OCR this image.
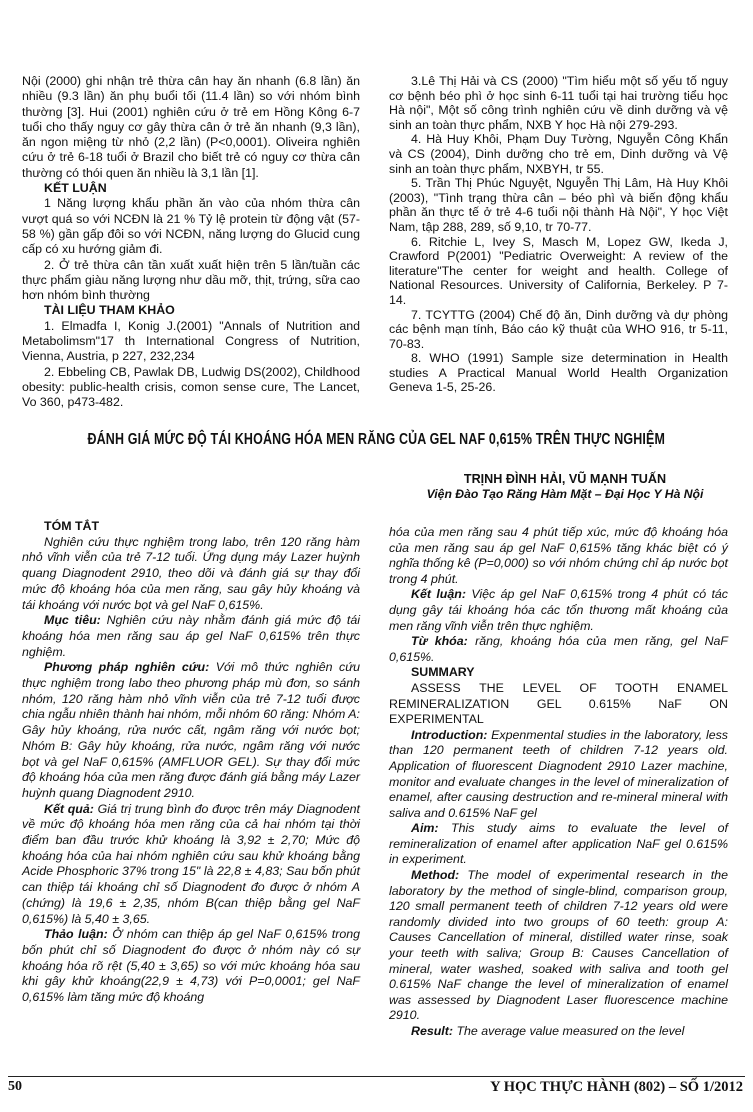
Nội (2000) ghi nhận trẻ thừa cân hay ăn nhanh (6.8 lần) ăn nhiều (9.3 lần) ăn phụ buổi tối (11.4 lần) so với nhóm bình thường [3]. Hui (2001) nghiên cứu ở trẻ em Hồng Kông 6-7 tuổi cho thấy nguy cơ gây thừa cân ở trẻ ăn nhanh (9,3 lần), ăn ngon miệng từ nhỏ (2,2 lần) (P<0,0001). Oliveira nghiên cứu ở trẻ 6-18 tuổi ở Brazil cho biết trẻ có nguy cơ thừa cân thường có thói quen ăn nhiều là 3,1 lần [1].

KẾT LUẬN

1 Năng lượng khẩu phần ăn vào của nhóm thừa cân vượt quá so với NCĐN là 21 % Tỷ lệ protein từ động vật (57-58 %) gần gấp đôi so với NCĐN, năng lượng do Glucid cung cấp có xu hướng giảm đi.

2. Ở trẻ thừa cân tần xuất xuất hiện trên 5 lần/tuần các thực phẩm giàu năng lượng như dầu mỡ, thịt, trứng, sữa cao hơn nhóm bình thường

TÀI LIỆU THAM KHẢO

1. Elmadfa I, Konig J.(2001) "Annals of Nutrition and Metabolimsm"17 th International Congress of Nutrition, Vienna, Austria, p 227, 232,234

2. Ebbeling CB, Pawlak DB, Ludwig DS(2002), Childhood obesity: public-health crisis, comon sense cure, The Lancet, Vo 360, p473-482.

3.Lê Thị Hải và CS (2000) "Tìm hiểu một số yếu tố nguy cơ bệnh béo phì ở học sinh 6-11 tuổi tại hai trường tiểu học Hà nội", Một số công trình nghiên cứu về dinh dưỡng và vệ sinh an toàn thực phẩm, NXB Y học Hà nội 279-293.

4. Hà Huy Khôi, Phạm Duy Tường, Nguyễn Công Khẩn và CS (2004), Dinh dưỡng cho trẻ em, Dinh dưỡng và Vệ sinh an toàn thực phẩm, NXBYH, tr 55.

5. Trần Thị Phúc Nguyệt, Nguyễn Thị Lâm, Hà Huy Khôi (2003), "Tình trạng thừa cân – béo phì và biến động khẩu phần ăn thực tế ở trẻ 4-6 tuổi nội thành Hà Nội", Y học Việt Nam, tập 288, 289, số 9,10, tr 70-77.

6. Ritchie L, Ivey S, Masch M, Lopez GW, Ikeda J, Crawford P(2001) "Pediatric Overweight: A review of the literature"The center for weight and health. College of National Resources. University of California, Berkeley. P 7-14.

7. TCYTTG (2004) Chế độ ăn, Dinh dưỡng và dự phòng các bệnh mạn tính, Báo cáo kỹ thuật của WHO 916, tr 5-11, 70-83.

8. WHO (1991) Sample size determination in Health studies A Practical Manual World Health Organization Geneva 1-5, 25-26.

ĐÁNH GIÁ MỨC ĐỘ TÁI KHOÁNG HÓA MEN RĂNG CỦA GEL NAF 0,615% TRÊN THỰC NGHIỆM
TRỊNH ĐÌNH HẢI, VŨ MẠNH TUẤN
Viện Đào Tạo Răng Hàm Mặt – Đại Học Y Hà Nội

TÓM TẮT

Nghiên cứu thực nghiệm trong labo, trên 120 răng hàm nhỏ vĩnh viễn của trẻ 7-12 tuổi. Ứng dụng máy Lazer huỳnh quang Diagnodent 2910, theo dõi và đánh giá sự thay đổi mức độ khoáng hóa của men răng, sau gây hủy khoáng và tái khoáng với nước bọt và gel NaF 0,615%.

Mục tiêu: Nghiên cứu này nhằm đánh giá mức độ tái khoáng hóa men răng sau áp gel NaF 0,615% trên thực nghiệm.

Phương pháp nghiên cứu: Với mô thức nghiên cứu thực nghiệm trong labo theo phương pháp mù đơn, so sánh nhóm, 120 răng hàm nhỏ vĩnh viễn của trẻ 7-12 tuổi được chia ngẫu nhiên thành hai nhóm, mỗi nhóm 60 răng: Nhóm A: Gây hủy khoáng, rửa nước cất, ngâm răng với nước bọt; Nhóm B: Gây hủy khoáng, rửa nước, ngâm răng với nước bọt và gel NaF 0,615% (AMFLUOR GEL). Sự thay đổi mức độ khoáng hóa của men răng được đánh giá bằng máy Lazer huỳnh quang Diagnodent 2910.

Kết quả: Giá trị trung bình đo được trên máy Diagnodent về mức độ khoáng hóa men răng của cả hai nhóm tại thời điểm ban đầu trước khử khoáng là 3,92 ± 2,70; Mức độ khoáng hóa của hai nhóm nghiên cứu sau khử khoáng bằng Acide Phosphoric 37% trong 15" là 22,8 ± 4,83; Sau bốn phút can thiệp tái khoáng chỉ số Diagnodent đo được ở nhóm A (chứng) là 19,6 ± 2,35, nhóm B(can thiệp bằng gel NaF 0,615%) là 5,40 ± 3,65.

Thảo luận: Ở nhóm can thiệp áp gel NaF 0,615% trong bốn phút chỉ số Diagnodent đo được ở nhóm này có sự khoáng hóa rõ rệt (5,40 ± 3,65) so với mức khoáng hóa sau khi gây khử khoáng(22,9 ± 4,73) với P=0,0001; gel NaF 0,615% làm tăng mức độ khoáng

hóa của men răng sau 4 phút tiếp xúc, mức độ khoáng hóa của men răng sau áp gel NaF 0,615% tăng khác biệt có ý nghĩa thống kê (P=0,000) so với nhóm chứng chỉ áp nước bọt trong 4 phút.

Kết luận: Việc áp gel NaF 0,615% trong 4 phút có tác dụng gây tái khoáng hóa các tổn thương mất khoáng của men răng vĩnh viễn trên thực nghiệm.

Từ khóa: răng, khoáng hóa của men răng, gel NaF 0,615%.

SUMMARY

ASSESS THE LEVEL OF TOOTH ENAMEL REMINERALIZATION GEL 0.615% NaF ON EXPERIMENTAL

Introduction: Expenmental studies in the laboratory, less than 120 permanent teeth of children 7-12 years old. Application of fluorescent Diagnodent 2910 Lazer machine, monitor and evaluate changes in the level of mineralization of enamel, after causing destruction and re-mineral mineral with saliva and 0.615% NaF gel

Aim: This study aims to evaluate the level of remineralization of enamel after application NaF gel 0.615% in experiment.

Method: The model of experimental research in the laboratory by the method of single-blind, comparison group, 120 small permanent teeth of children 7-12 years old were randomly divided into two groups of 60 teeth: group A: Causes Cancellation of mineral, distilled water rinse, soak your teeth with saliva; Group B: Causes Cancellation of mineral, water washed, soaked with saliva and tooth gel 0.615% NaF change the level of mineralization of enamel was assessed by Diagnodent Laser fluorescence machine 2910.

Result: The average value measured on the level

50	Y HỌC THỰC HÀNH (802) – SỐ 1/2012
